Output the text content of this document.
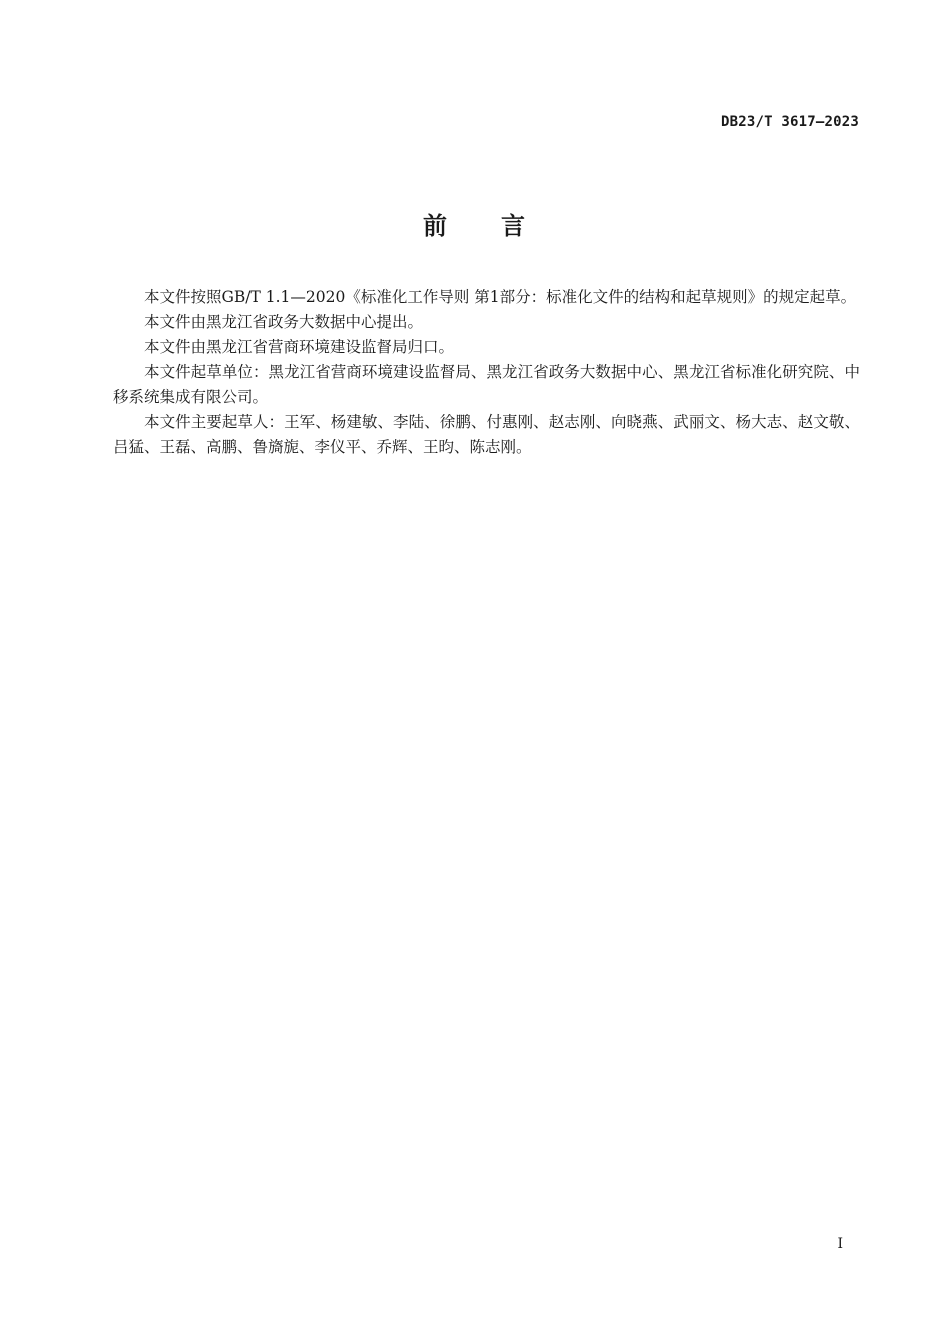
DB23/T 3617—2023
前　　言

本文件按照GB/T 1.1—2020《标准化工作导则 第1部分：标准化文件的结构和起草规则》的规定起草。

本文件由黑龙江省政务大数据中心提出。

本文件由黑龙江省营商环境建设监督局归口。

本文件起草单位：黑龙江省营商环境建设监督局、黑龙江省政务大数据中心、黑龙江省标准化研究院、中移系统集成有限公司。

本文件主要起草人：王军、杨建敏、李陆、徐鹏、付惠刚、赵志刚、向晓燕、武丽文、杨大志、赵文敬、吕猛、王磊、高鹏、鲁旖旎、李仪平、乔辉、王昀、陈志刚。

I
